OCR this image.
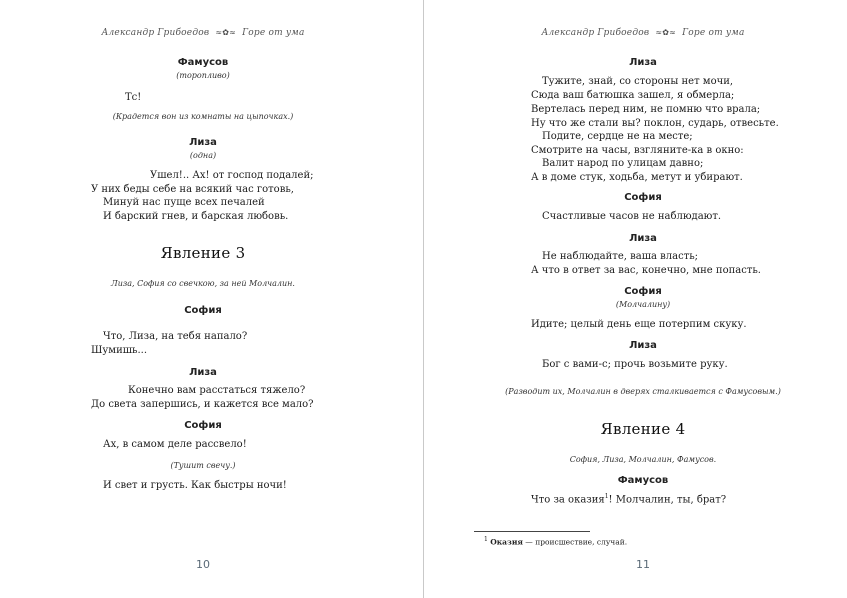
Александр Грибоедов ≈✿≈ Горе от ума
Фамусов
(торопливо)
Тс!
(Крадется вон из комнаты на цыпочках.)
Лиза
(одна)
Ушел!.. Ах! от господ подалей;
У них беды себе на всякий час готовь,
Минуй нас пуще всех печалей
И барский гнев, и барская любовь.
Явление 3
Лиза, София со свечкою, за ней Молчалин.
София
Что, Лиза, на тебя напало?
Шумишь...
Лиза
Конечно вам расстаться тяжело?
До света запершись, и кажется все мало?
София
Ах, в самом деле рассвело!
(Тушит свечу.)
И свет и грусть. Как быстры ночи!
10
Александр Грибоедов ≈✿≈ Горе от ума
Лиза
Тужите, знай, со стороны нет мочи,
Сюда ваш батюшка зашел, я обмерла;
Вертелась перед ним, не помню что врала;
Ну что же стали вы? поклон, сударь, отвесьте.
Подите, сердце не на месте;
Смотрите на часы, взгляните-ка в окно:
Валит народ по улицам давно;
А в доме стук, ходьба, метут и убирают.
София
Счастливые часов не наблюдают.
Лиза
Не наблюдайте, ваша власть;
А что в ответ за вас, конечно, мне попасть.
София
(Молчалину)
Идите; целый день еще потерпим скуку.
Лиза
Бог с вами-с; прочь возьмите руку.
(Разводит их, Молчалин в дверях сталкивается с Фамусовым.)
Явление 4
София, Лиза, Молчалин, Фамусов.
Фамусов
Что за оказия$^1$! Молчалин, ты, брат?
$^1$ Оказия — происшествие, случай.
11
